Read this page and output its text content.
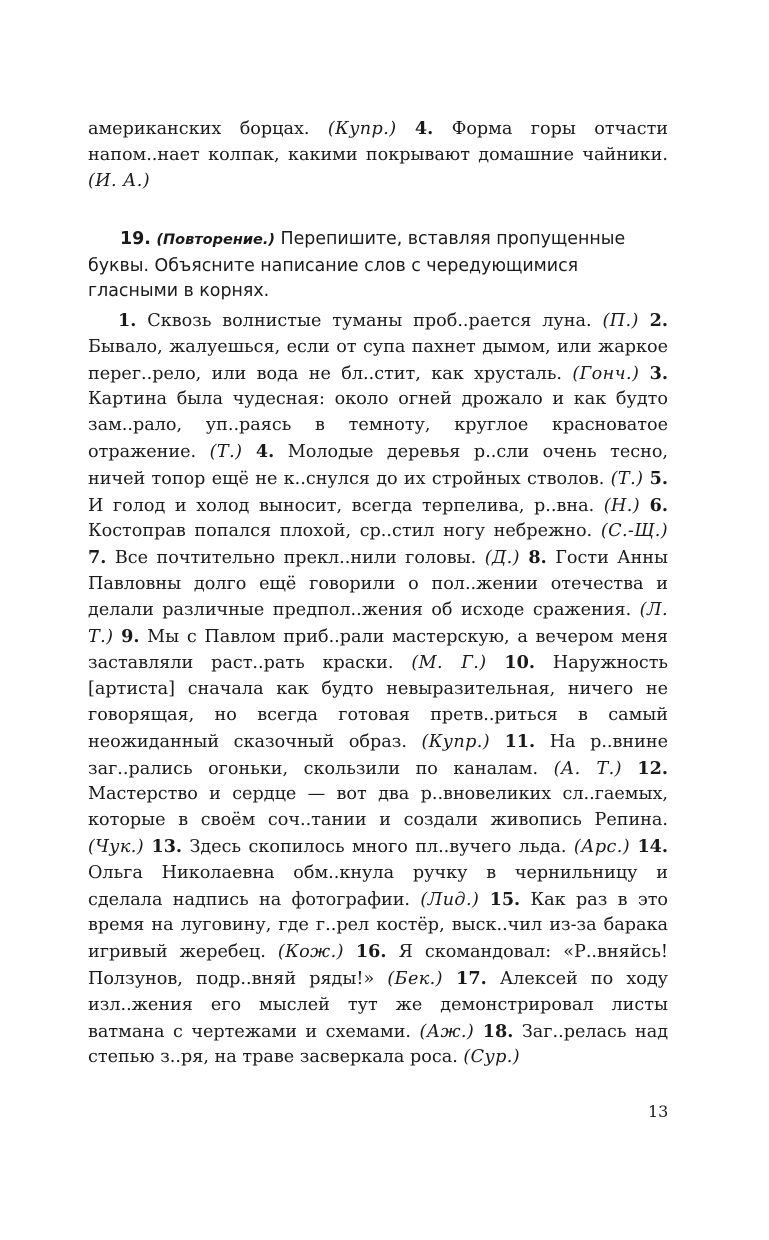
американских борцах. (Купр.) 4. Форма горы отчасти напом..нает колпак, какими покрывают домашние чайники. (И. А.)
19. (Повторение.) Перепишите, вставляя пропущенные буквы. Объясните написание слов с чередующимися гласными в корнях.
1. Сквозь волнистые туманы проб..рается луна. (П.) 2. Бывало, жалуешься, если от супа пахнет дымом, или жаркое перег..рело, или вода не бл..стит, как хрусталь. (Гонч.) 3. Картина была чудесная: около огней дрожало и как будто зам..рало, уп..раясь в темноту, круглое красноватое отражение. (Т.) 4. Молодые деревья р..сли очень тесно, ничей топор ещё не к..снулся до их стройных стволов. (Т.) 5. И голод и холод выносит, всегда терпелива, р..вна. (Н.) 6. Костоправ попался плохой, ср..стил ногу небрежно. (С.-Щ.) 7. Все почтительно прекл..нили головы. (Д.) 8. Гости Анны Павловны долго ещё говорили о пол..жении отечества и делали различные предпол..жения об исходе сражения. (Л. Т.) 9. Мы с Павлом приб..рали мастерскую, а вечером меня заставляли раст..рать краски. (М. Г.) 10. Наружность [артиста] сначала как будто невыразительная, ничего не говорящая, но всегда готовая претв..риться в самый неожиданный сказочный образ. (Купр.) 11. На р..внине заг..рались огоньки, скользили по каналам. (А. Т.) 12. Мастерство и сердце — вот два р..вновеликих сл..гаемых, которые в своём соч..тании и создали живопись Репина. (Чук.) 13. Здесь скопилось много пл..вучего льда. (Арс.) 14. Ольга Николаевна обм..кнула ручку в чернильницу и сделала надпись на фотографии. (Лид.) 15. Как раз в это время на луговину, где г..рел костёр, выск..чил из-за барака игривый жеребец. (Кож.) 16. Я скомандовал: «Р..вняйсь! Ползунов, подр..вняй ряды!» (Бек.) 17. Алексей по ходу изл..жения его мыслей тут же демонстрировал листы ватмана с чертежами и схемами. (Аж.) 18. Заг..релась над степью з..ря, на траве засверкала роса. (Сур.)
13
